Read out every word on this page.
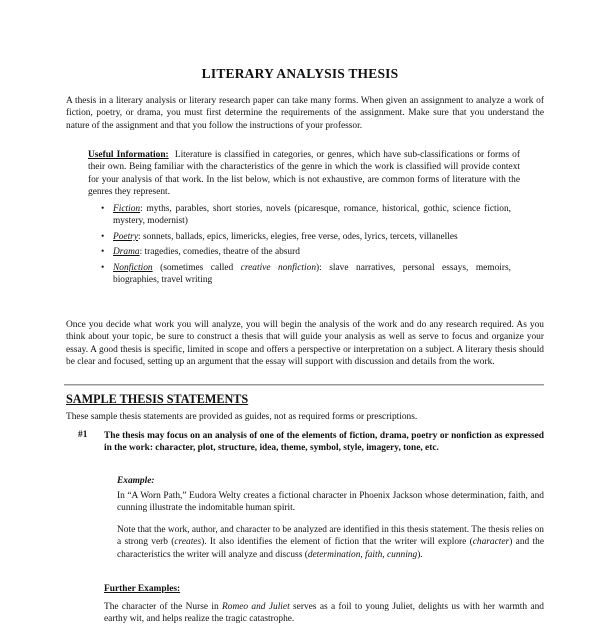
LITERARY ANALYSIS THESIS
A thesis in a literary analysis or literary research paper can take many forms. When given an assignment to analyze a work of fiction, poetry, or drama, you must first determine the requirements of the assignment. Make sure that you understand the nature of the assignment and that you follow the instructions of your professor.
Useful Information: Literature is classified in categories, or genres, which have sub-classifications or forms of their own. Being familiar with the characteristics of the genre in which the work is classified will provide context for your analysis of that work. In the list below, which is not exhaustive, are common forms of literature with the genres they represent.
• Fiction: myths, parables, short stories, novels (picaresque, romance, historical, gothic, science fiction, mystery, modernist)
• Poetry: sonnets, ballads, epics, limericks, elegies, free verse, odes, lyrics, tercets, villanelles
• Drama: tragedies, comedies, theatre of the absurd
• Nonfiction (sometimes called creative nonfiction): slave narratives, personal essays, memoirs, biographies, travel writing
Once you decide what work you will analyze, you will begin the analysis of the work and do any research required. As you think about your topic, be sure to construct a thesis that will guide your analysis as well as serve to focus and organize your essay. A good thesis is specific, limited in scope and offers a perspective or interpretation on a subject. A literary thesis should be clear and focused, setting up an argument that the essay will support with discussion and details from the work.
SAMPLE THESIS STATEMENTS
These sample thesis statements are provided as guides, not as required forms or prescriptions.
#1 The thesis may focus on an analysis of one of the elements of fiction, drama, poetry or nonfiction as expressed in the work: character, plot, structure, idea, theme, symbol, style, imagery, tone, etc.
Example:
In “A Worn Path,” Eudora Welty creates a fictional character in Phoenix Jackson whose determination, faith, and cunning illustrate the indomitable human spirit.
Note that the work, author, and character to be analyzed are identified in this thesis statement. The thesis relies on a strong verb (creates). It also identifies the element of fiction that the writer will explore (character) and the characteristics the writer will analyze and discuss (determination, faith, cunning).
Further Examples:
The character of the Nurse in Romeo and Juliet serves as a foil to young Juliet, delights us with her warmth and earthy wit, and helps realize the tragic catastrophe.
